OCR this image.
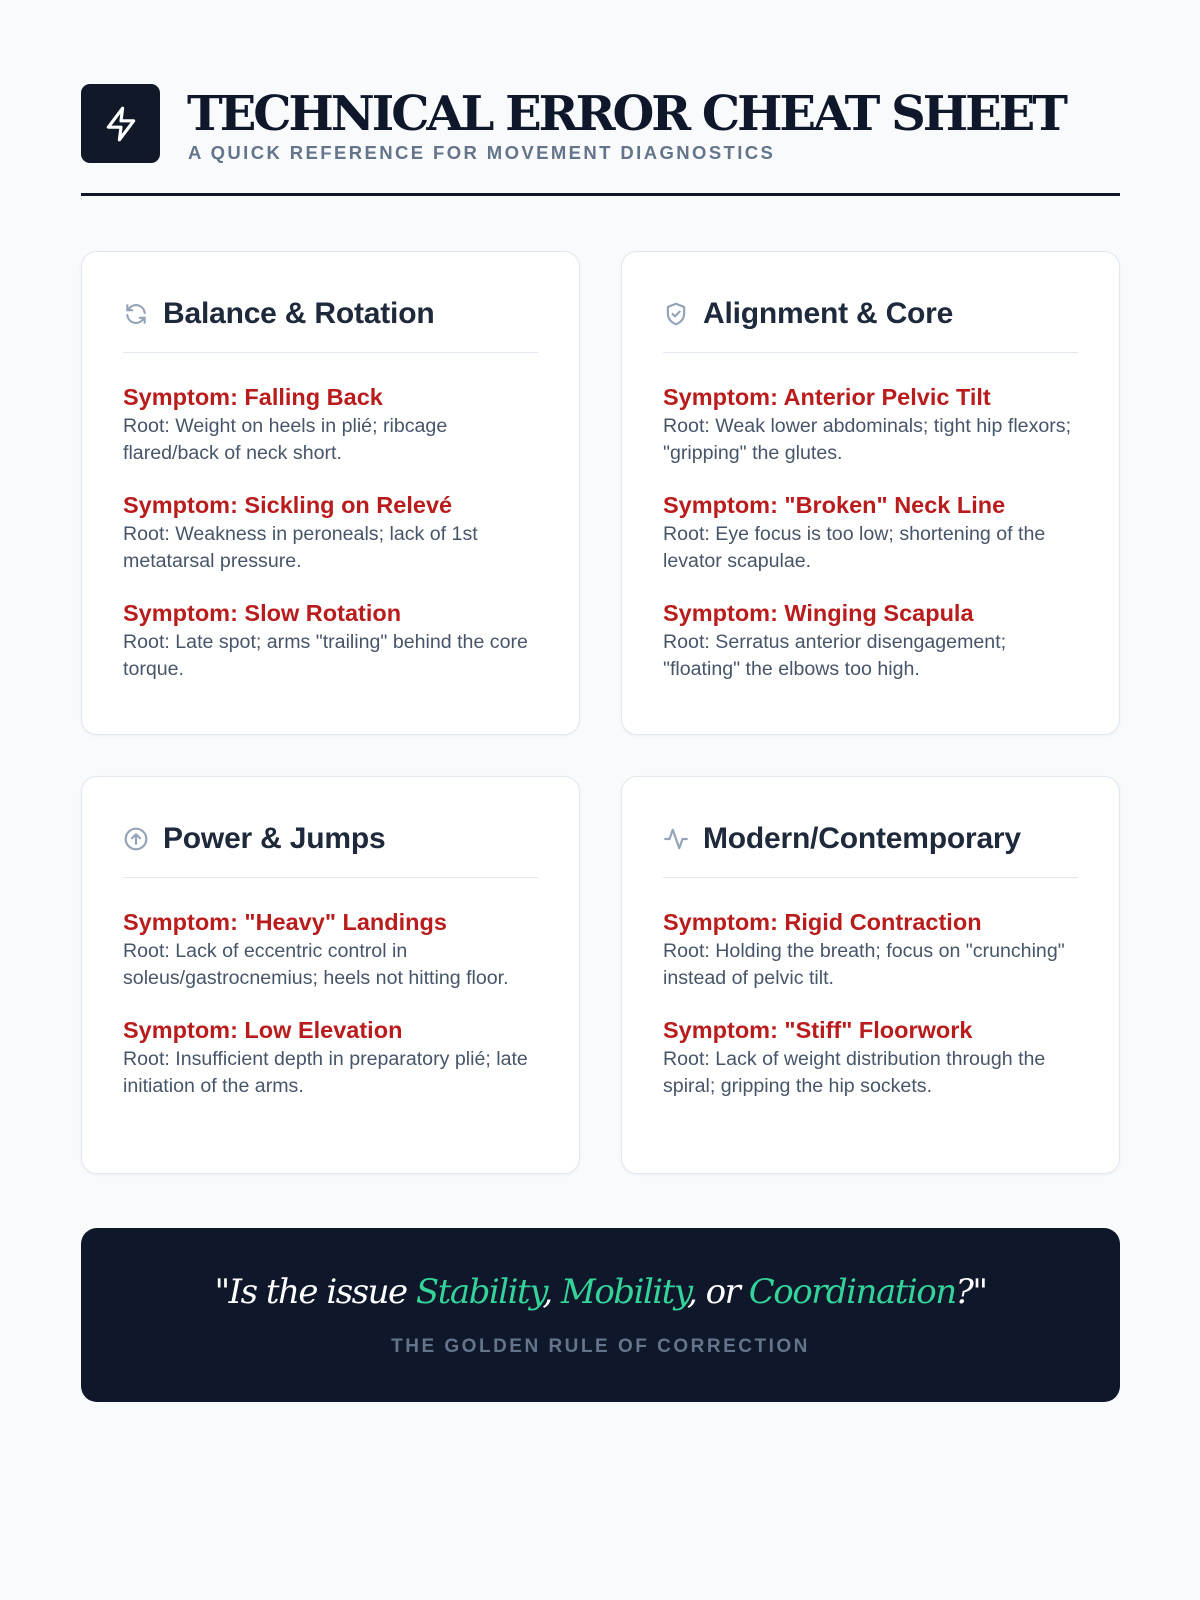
TECHNICAL ERROR CHEAT SHEET
A QUICK REFERENCE FOR MOVEMENT DIAGNOSTICS
Balance & Rotation
Symptom: Falling Back
Root: Weight on heels in plié; ribcage flared/back of neck short.
Symptom: Sickling on Relevé
Root: Weakness in peroneals; lack of 1st metatarsal pressure.
Symptom: Slow Rotation
Root: Late spot; arms "trailing" behind the core torque.
Alignment & Core
Symptom: Anterior Pelvic Tilt
Root: Weak lower abdominals; tight hip flexors; "gripping" the glutes.
Symptom: "Broken" Neck Line
Root: Eye focus is too low; shortening of the levator scapulae.
Symptom: Winging Scapula
Root: Serratus anterior disengagement; "floating" the elbows too high.
Power & Jumps
Symptom: "Heavy" Landings
Root: Lack of eccentric control in soleus/gastrocnemius; heels not hitting floor.
Symptom: Low Elevation
Root: Insufficient depth in preparatory plié; late initiation of the arms.
Modern/Contemporary
Symptom: Rigid Contraction
Root: Holding the breath; focus on "crunching" instead of pelvic tilt.
Symptom: "Stiff" Floorwork
Root: Lack of weight distribution through the spiral; gripping the hip sockets.
"Is the issue Stability, Mobility, or Coordination?"
THE GOLDEN RULE OF CORRECTION
